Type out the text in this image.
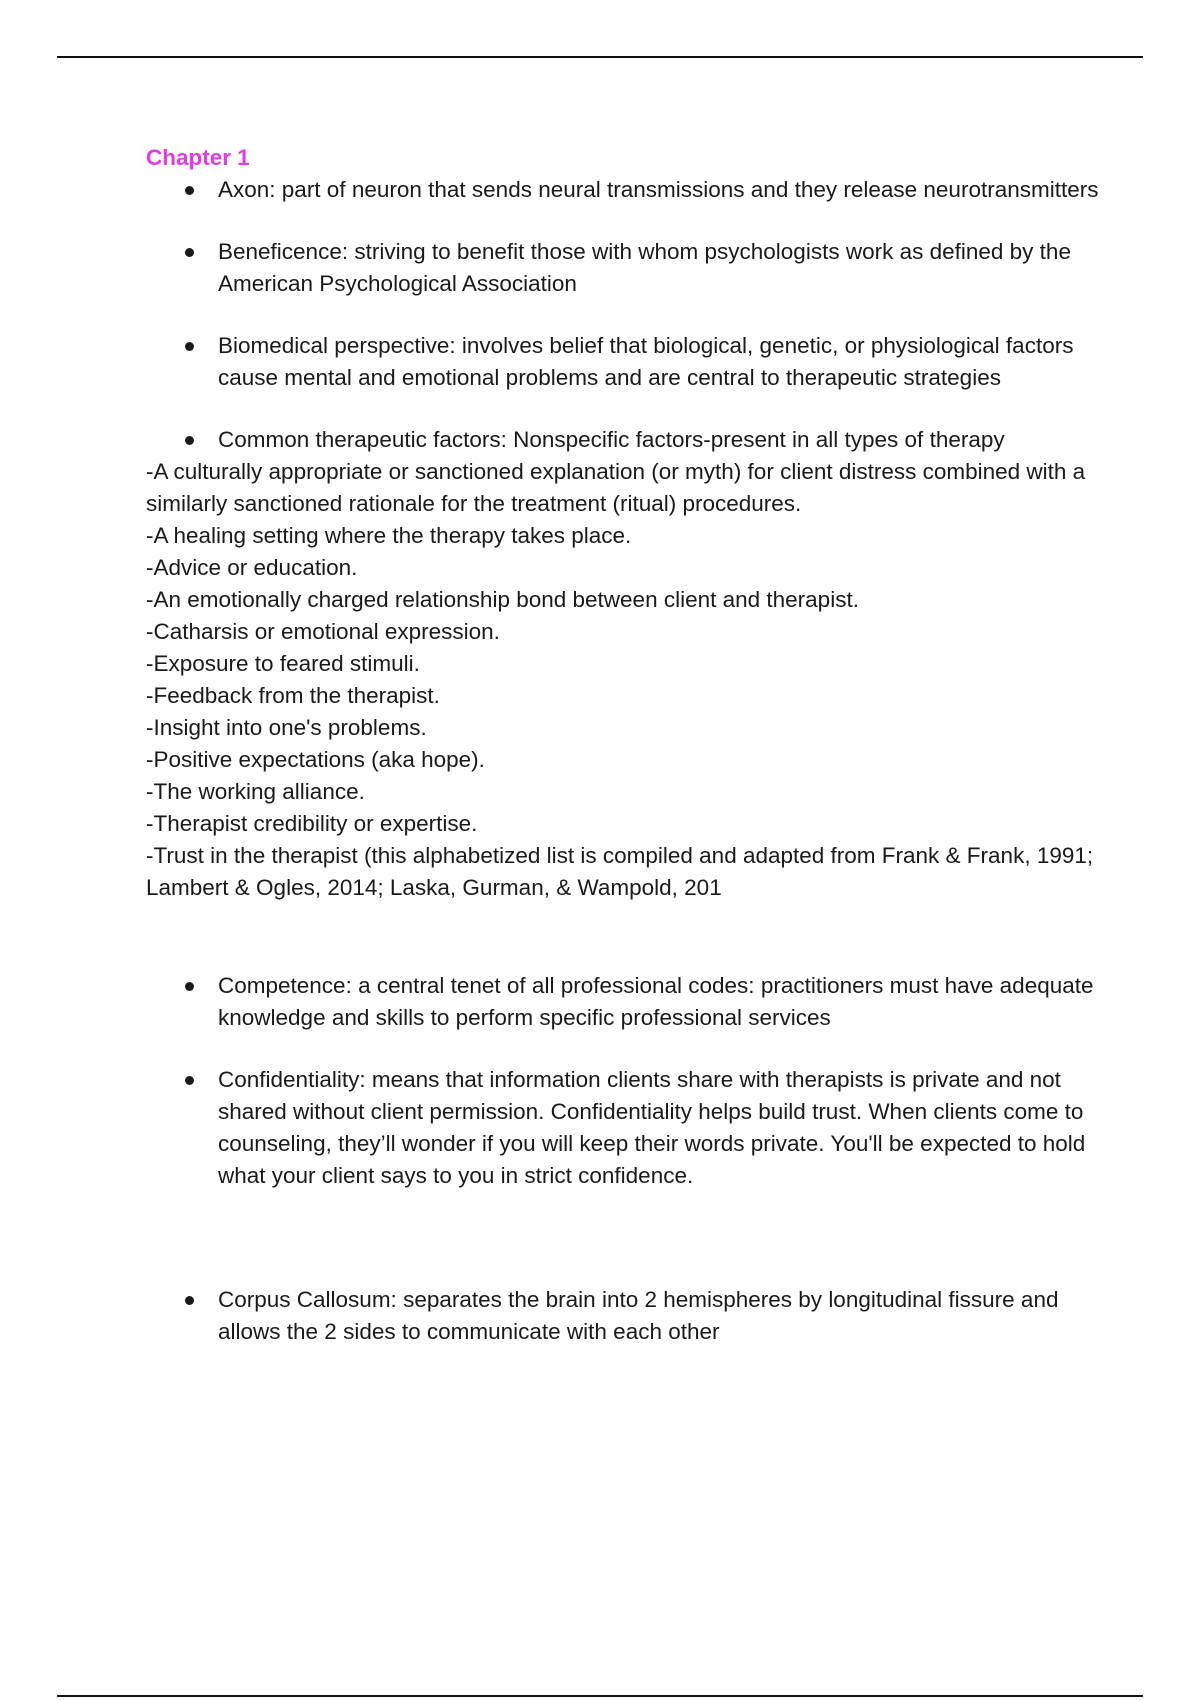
Chapter 1
Axon: part of neuron that sends neural transmissions and they release neurotransmitters
Beneficence: striving to benefit those with whom psychologists work as defined by the American Psychological Association
Biomedical perspective: involves belief that biological, genetic, or physiological factors cause mental and emotional problems and are central to therapeutic strategies
Common therapeutic factors: Nonspecific factors-present in all types of therapy
-A culturally appropriate or sanctioned explanation (or myth) for client distress combined with a similarly sanctioned rationale for the treatment (ritual) procedures.
-A healing setting where the therapy takes place.
-Advice or education.
-An emotionally charged relationship bond between client and therapist.
-Catharsis or emotional expression.
-Exposure to feared stimuli.
-Feedback from the therapist.
-Insight into one's problems.
-Positive expectations (aka hope).
-The working alliance.
-Therapist credibility or expertise.
-Trust in the therapist (this alphabetized list is compiled and adapted from Frank & Frank, 1991; Lambert & Ogles, 2014; Laska, Gurman, & Wampold, 201
Competence: a central tenet of all professional codes: practitioners must have adequate knowledge and skills to perform specific professional services
Confidentiality: means that information clients share with therapists is private and not shared without client permission. Confidentiality helps build trust. When clients come to counseling, they’ll wonder if you will keep their words private. You'll be expected to hold what your client says to you in strict confidence.
Corpus Callosum: separates the brain into 2 hemispheres by longitudinal fissure and allows the 2 sides to communicate with each other
